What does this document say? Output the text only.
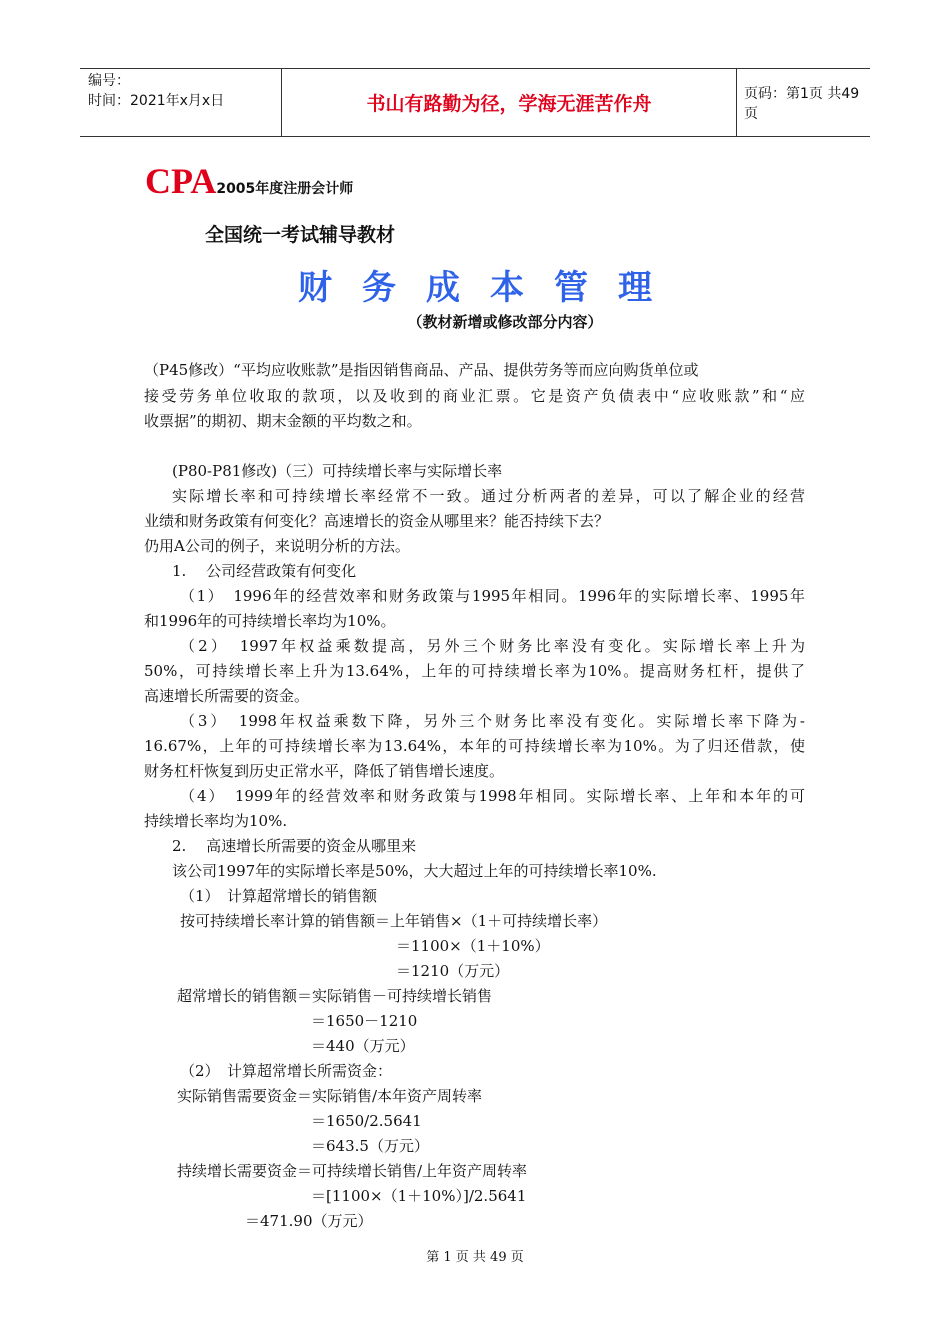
编号：
时间：2021年x月x日	书山有路勤为径，学海无涯苦作舟	页码：第1页 共49页
CPA2005年度注册会计师
全国统一考试辅导教材
财务成本管理
（教材新增或修改部分内容）
（P45修改）“平均应收账款”是指因销售商品、产品、提供劳务等而应向购货单位或
接受劳务单位收取的款项，以及收到的商业汇票。它是资产负债表中“应收账款”和“应
收票据”的期初、期末金额的平均数之和。
(P80-P81修改)（三）可持续增长率与实际增长率
实际增长率和可持续增长率经常不一致。通过分析两者的差异，可以了解企业的经营
业绩和财务政策有何变化？高速增长的资金从哪里来？能否持续下去？
仍用A公司的例子，来说明分析的方法。
1.　 公司经营政策有何变化
（1）　1996年的经营效率和财务政策与1995年相同。1996年的实际增长率、1995年
和1996年的可持续增长率均为10%。
（2）　1997年权益乘数提高，另外三个财务比率没有变化。实际增长率上升为
50%，可持续增长率上升为13.64%，上年的可持续增长率为10%。提高财务杠杆，提供了
高速增长所需要的资金。
（3）　1998年权益乘数下降，另外三个财务比率没有变化。实际增长率下降为-
16.67%，上年的可持续增长率为13.64%，本年的可持续增长率为10%。为了归还借款，使
财务杠杆恢复到历史正常水平，降低了销售增长速度。
（4）　1999年的经营效率和财务政策与1998年相同。实际增长率、上年和本年的可
持续增长率均为10%.
2.　 高速增长所需要的资金从哪里来
该公司1997年的实际增长率是50%，大大超过上年的可持续增长率10%.
（1）　计算超常增长的销售额
按可持续增长率计算的销售额＝上年销售×（1＋可持续增长率）
＝1100×（1＋10%）
＝1210（万元）
超常增长的销售额＝实际销售－可持续增长销售
＝1650－1210
＝440（万元）
（2）　计算超常增长所需资金：
实际销售需要资金＝实际销售/本年资产周转率
＝1650/2.5641
＝643.5（万元）
持续增长需要资金＝可持续增长销售/上年资产周转率
＝[1100×（1＋10%）]/2.5641
＝471.90（万元）
第 1 页 共 49 页
